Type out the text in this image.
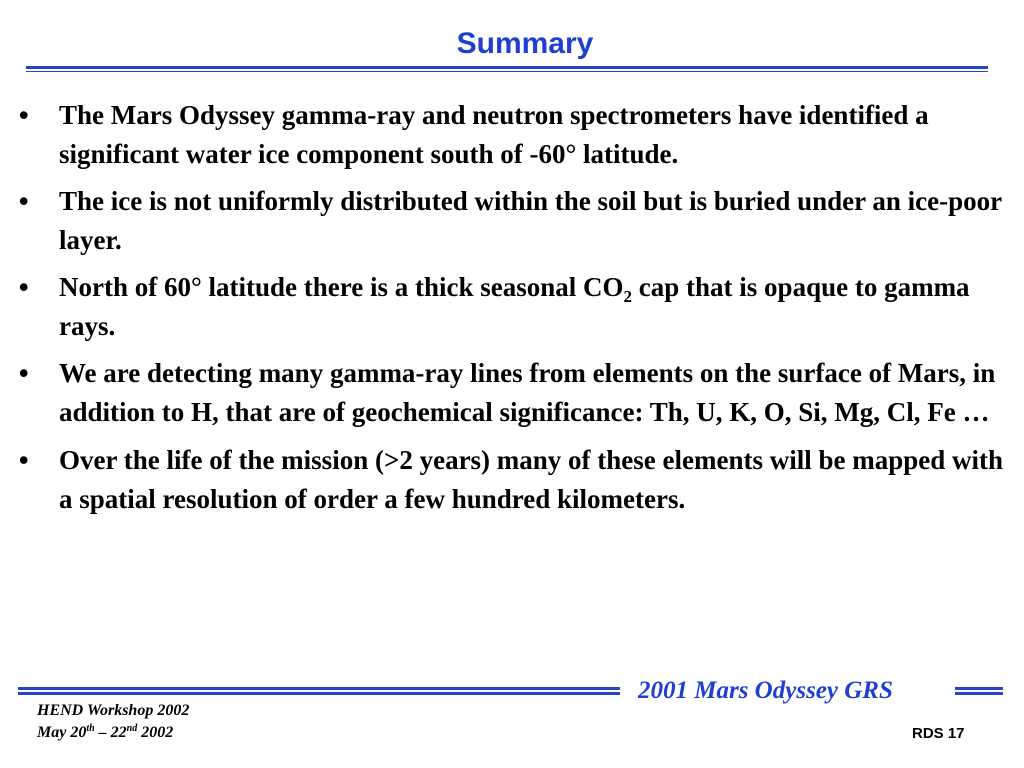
Summary
• The Mars Odyssey gamma-ray and neutron spectrometers have identified a significant water ice component south of -60° latitude.
• The ice is not uniformly distributed within the soil but is buried under an ice-poor layer.
• North of 60° latitude there is a thick seasonal $CO_2$ cap that is opaque to gamma rays.
• We are detecting many gamma-ray lines from elements on the surface of Mars, in addition to H, that are of geochemical significance: Th, U, K, O, Si, Mg, Cl, Fe …
• Over the life of the mission (>2 years) many of these elements will be mapped with a spatial resolution of order a few hundred kilometers.
2001 Mars Odyssey GRS
HEND Workshop 2002
May 20th – 22nd 2002	RDS 17
